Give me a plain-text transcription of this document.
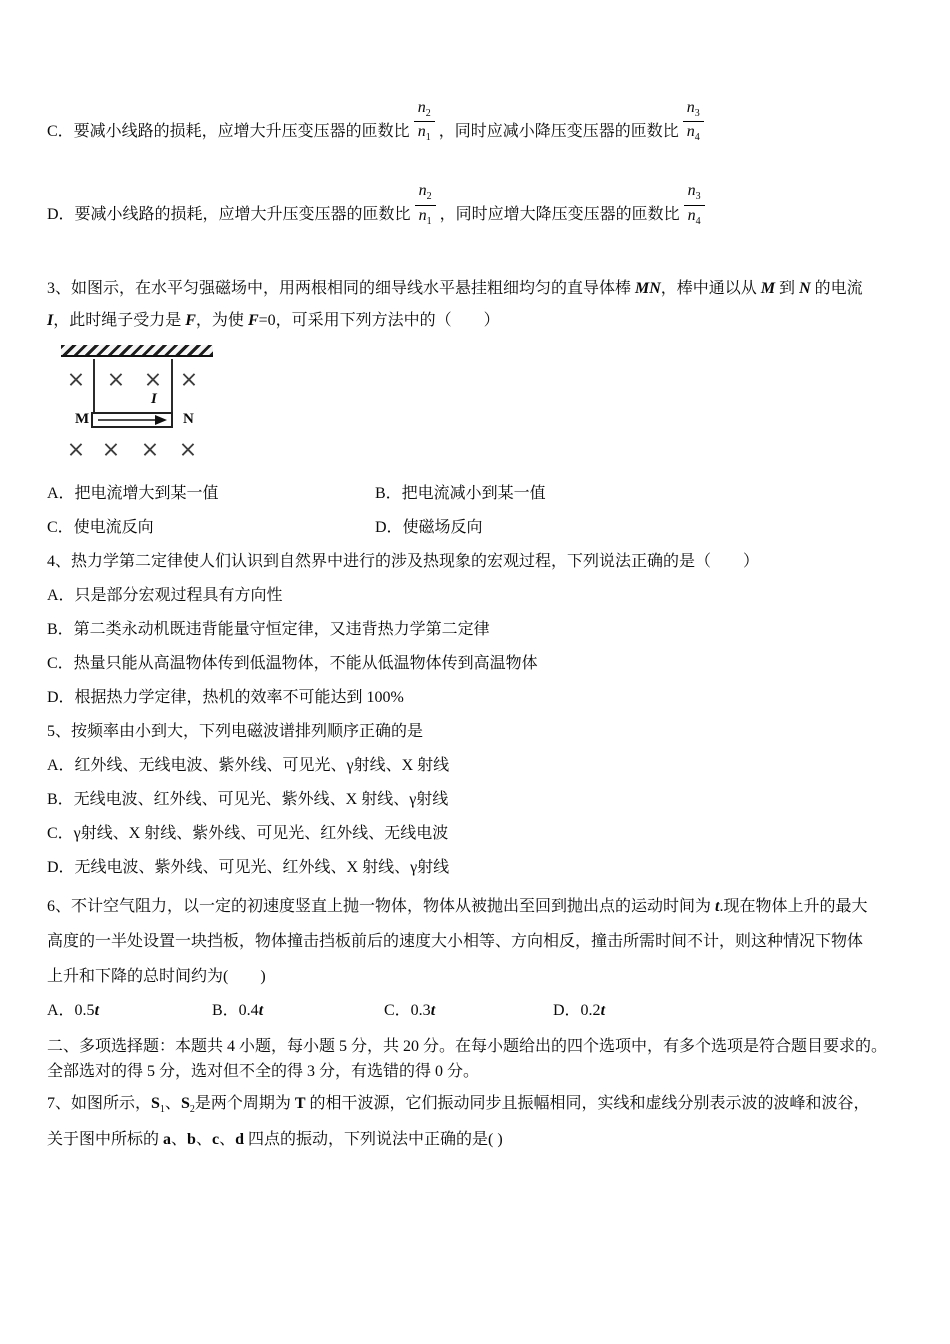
C．要减小线路的损耗，应增大升压变压器的匝数比 $\frac{n_2}{n_1}$ ，同时应减小降压变压器的匝数比 $\frac{n_3}{n_4}$

D．要减小线路的损耗，应增大升压变压器的匝数比 $\frac{n_2}{n_1}$ ，同时应增大降压变压器的匝数比 $\frac{n_3}{n_4}$

3、如图示，在水平匀强磁场中，用两根相同的细导线水平悬挂粗细均匀的直导体棒 MN，棒中通以从 M 到 N 的电流

I，此时绳子受力是 F，为使 F=0，可采用下列方法中的（　　）

× × × ×
I
M	N
× × × ×
A．把电流增大到某一值	B．把电流减小到某一值
C．使电流反向	D．使磁场反向

4、热力学第二定律使人们认识到自然界中进行的涉及热现象的宏观过程，下列说法正确的是（　　）

A．只是部分宏观过程具有方向性

B．第二类永动机既违背能量守恒定律，又违背热力学第二定律

C．热量只能从高温物体传到低温物体，不能从低温物体传到高温物体

D．根据热力学定律，热机的效率不可能达到 100%

5、按频率由小到大，下列电磁波谱排列顺序正确的是

A．红外线、无线电波、紫外线、可见光、γ射线、X 射线

B．无线电波、红外线、可见光、紫外线、X 射线、γ射线

C．γ射线、X 射线、紫外线、可见光、红外线、无线电波

D．无线电波、紫外线、可见光、红外线、X 射线、γ射线

6、不计空气阻力，以一定的初速度竖直上抛一物体，物体从被抛出至回到抛出点的运动时间为 t.现在物体上升的最大

高度的一半处设置一块挡板，物体撞击挡板前后的速度大小相等、方向相反，撞击所需时间不计，则这种情况下物体

上升和下降的总时间约为(　　)

A．0.5t	B．0.4t	C．0.3t	D．0.2t

二、多项选择题：本题共 4 小题，每小题 5 分，共 20 分。在每小题给出的四个选项中，有多个选项是符合题目要求的。

全部选对的得 5 分，选对但不全的得 3 分，有选错的得 0 分。

7、如图所示，$S_1$、$S_2$是两个周期为 T 的相干波源，它们振动同步且振幅相同，实线和虚线分别表示波的波峰和波谷，

关于图中所标的 a、b、c、d 四点的振动，下列说法中正确的是( )
